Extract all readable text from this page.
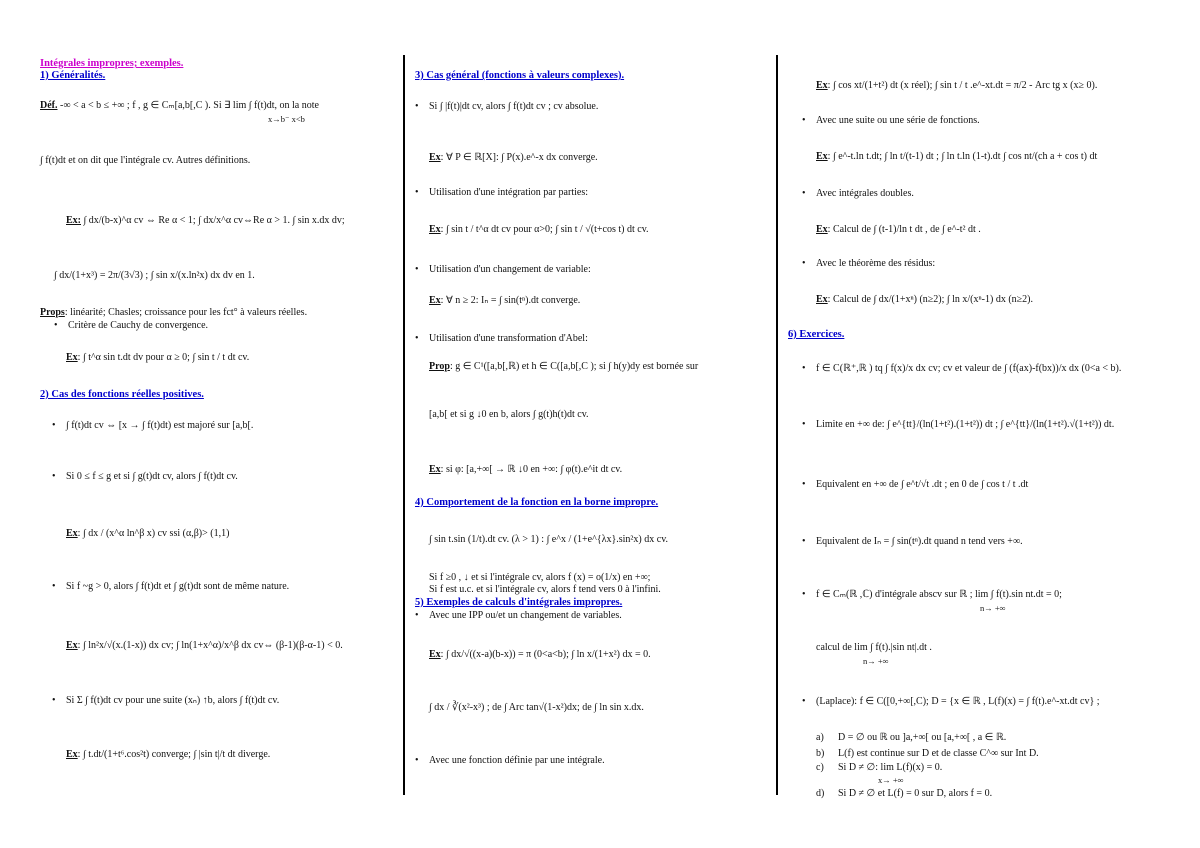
Intégrales impropres; exemples.
1) Généralités.
Déf. -∞ < a < b ≤ +∞ ; f , g ∈ Cₘ[a,b[,C ). Si ∃ lim ∫ f(t)dt, on la note
x→b⁻ x<b
∫ f(t)dt et on dit que l'intégrale cv. Autres définitions.
Ex: ∫ dx/(b-x)^α cv ⇔ Re α < 1; ∫ dx/x^α cv⇔Re α > 1. ∫ sin x.dx dv;
∫ dx/(1+x³) = 2π/(3√3) ; ∫ sin x/(x.ln²x) dx dv en 1.
Props: linéarité; Chasles; croissance pour les fct° à valeurs réelles.
• Critère de Cauchy de convergence.
Ex: ∫ t^α sin t.dt dv pour α ≥ 0; ∫ sin t / t dt cv.
2) Cas des fonctions réelles positives.
• ∫ f(t)dt cv ⇔ [x → ∫ f(t)dt) est majoré sur [a,b[.
• Si 0 ≤ f ≤ g et si ∫ g(t)dt cv, alors ∫ f(t)dt cv.
Ex: ∫ dx / (x^α ln^β x) cv ssi (α,β)> (1,1)
• Si f ~g > 0, alors ∫ f(t)dt et ∫ g(t)dt sont de même nature.
Ex: ∫ ln²x/√(x.(1-x)) dx cv; ∫ ln(1+x^α)/x^β dx cv⇔ (β-1)(β-α-1) < 0.
• Si Σ ∫ f(t)dt cv pour une suite (xₙ) ↑b, alors ∫ f(t)dt cv.
Ex: ∫ t.dt/(1+t⁶.cos²t) converge; ∫ |sin t|/t dt diverge.
3) Cas général (fonctions à valeurs complexes).
• Si ∫ |f(t)|dt cv, alors ∫ f(t)dt cv ; cv absolue.
Ex: ∀ P ∈ ℝ[X]: ∫ P(x).e^-x dx converge.
• Utilisation d'une intégration par parties:
Ex: ∫ sin t / t^α dt cv pour α>0; ∫ sin t / √(t+cos t) dt cv.
• Utilisation d'un changement de variable:
Ex: ∀ n ≥ 2: Iₙ = ∫ sin(tⁿ).dt converge.
• Utilisation d'une transformation d'Abel:
Prop: g ∈ C¹([a,b[,ℝ) et h ∈ C([a,b[,C ); si ∫ h(y)dy est bornée sur
[a,b[ et si g ↓0 en b, alors ∫ g(t)h(t)dt cv.
Ex: si φ: [a,+∞[ → ℝ ↓0 en +∞: ∫ φ(t).e^it dt cv.
4) Comportement de la fonction en la borne impropre.
∫ sin t.sin (1/t).dt cv. (λ > 1) : ∫ e^x / (1+e^{λx}.sin²x) dx cv.
Si f ≥0 , ↓ et si l'intégrale cv, alors f (x) = o(1/x) en +∞;
Si f est u.c. et si l'intégrale cv, alors f tend vers 0 à l'infini.
5) Exemples de calculs d'intégrales impropres.
• Avec une IPP ou/et un changement de variables.
Ex: ∫ dx/√((x-a)(b-x)) = π (0<a<b); ∫ ln x/(1+x²) dx = 0.
∫ dx / ∛(x²-x³) ; de ∫ Arc tan√(1-x²)dx; de ∫ ln sin x.dx.
• Avec une fonction définie par une intégrale.
Ex: ∫ cos xt/(1+t²) dt (x réel); ∫ sin t / t .e^-xt.dt = π/2 - Arc tg x (x≥ 0).
• Avec une suite ou une série de fonctions.
Ex: ∫ e^-t.ln t.dt; ∫ ln t/(t-1) dt ; ∫ ln t.ln (1-t).dt ∫ cos nt/(ch a + cos t) dt
• Avec intégrales doubles.
Ex: Calcul de ∫ (t-1)/ln t dt , de ∫ e^-t² dt .
• Avec le théorème des résidus:
Ex: Calcul de ∫ dx/(1+xⁿ) (n≥2); ∫ ln x/(xⁿ-1) dx (n≥2).
6) Exercices.
• f ∈ C(ℝ⁺,ℝ ) tq ∫ f(x)/x dx cv; cv et valeur de ∫ (f(ax)-f(bx))/x dx (0<a < b).
• Limite en +∞ de: ∫ e^{tt}/(ln(1+t²).(1+t²)) dt ; ∫ e^{tt}/(ln(1+t²).√(1+t²)) dt.
• Equivalent en +∞ de ∫ e^t/√t .dt ; en 0 de ∫ cos t / t .dt
• Equivalent de Iₙ = ∫ sin(tⁿ).dt quand n tend vers +∞.
• f ∈ Cₘ(ℝ ,ℂ) d'intégrale abscv sur ℝ ; lim ∫ f(t).sin nt.dt = 0;
n→ +∞
calcul de lim ∫ f(t).|sin nt|.dt .
n→ +∞
• (Laplace): f ∈ C([0,+∞[,C); D = {x ∈ ℝ , L(f)(x) = ∫ f(t).e^-xt.dt cv} ;
a) D = ∅ ou ℝ ou ]a,+∞[ ou [a,+∞[ , a ∈ ℝ.
b) L(f) est continue sur D et de classe C^∞ sur Int D.
c) Si D ≠ ∅: lim L(f)(x) = 0.
x→ +∞
d) Si D ≠ ∅ et L(f) = 0 sur D, alors f = 0.
